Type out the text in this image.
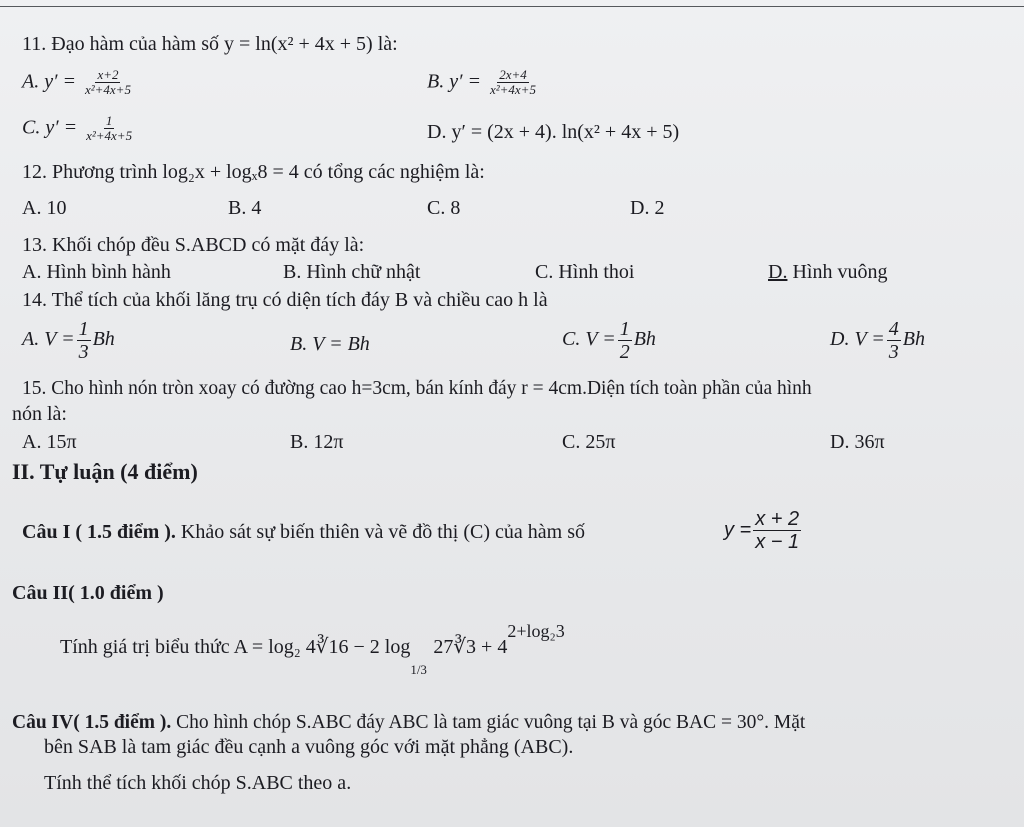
11. Đạo hàm của hàm số y = ln(x² + 4x + 5) là:
A. $y' = \frac{x+2}{\text{x²+4x+5}}$	B. $y' = \frac{2x+4}{\text{x²+4x+5}}$
C. $y' = \frac{1}{\text{x²+4x+5}}$	D. y′ = (2x + 4). ln(x² + 4x + 5)
12. Phương trình log₂x + logₓ8 = 4 có tổng các nghiệm là:
A. 10	B. 4	C. 8	D. 2
13. Khối chóp đều S.ABCD có mặt đáy là:
A. Hình bình hành	B. Hình chữ nhật	C. Hình thoi	D. Hình vuông
14. Thể tích của khối lăng trụ có diện tích đáy B và chiều cao h là
A. $V = \frac{1}{3}$ Bh	B. V = Bh	C. $V = \frac{1}{2}$ Bh	D. $V = \frac{4}{3}$ Bh
15. Cho hình nón tròn xoay có đường cao h=3cm, bán kính đáy r = 4cm.Diện tích toàn phần của hình
nón là:
A. 15π	B. 12π	C. 25π	D. 36π
II. Tự luận (4 điểm)
Câu I ( 1.5 điểm ). Khảo sát sự biến thiên và vẽ đồ thị (C) của hàm số	$y = \frac{x + 2}{x - 1}$
Câu II( 1.0 điểm )
Tính giá trị biểu thức A = log₂ 4∛16 − 2 log
1/3
27∛3 + 42+log₂3
Câu IV( 1.5 điểm ). Cho hình chóp S.ABC đáy ABC là tam giác vuông tại B và góc BAC = 30°. Mặt
bên SAB là tam giác đều cạnh a vuông góc với mặt phẳng (ABC).
Tính thể tích khối chóp S.ABC theo a.
